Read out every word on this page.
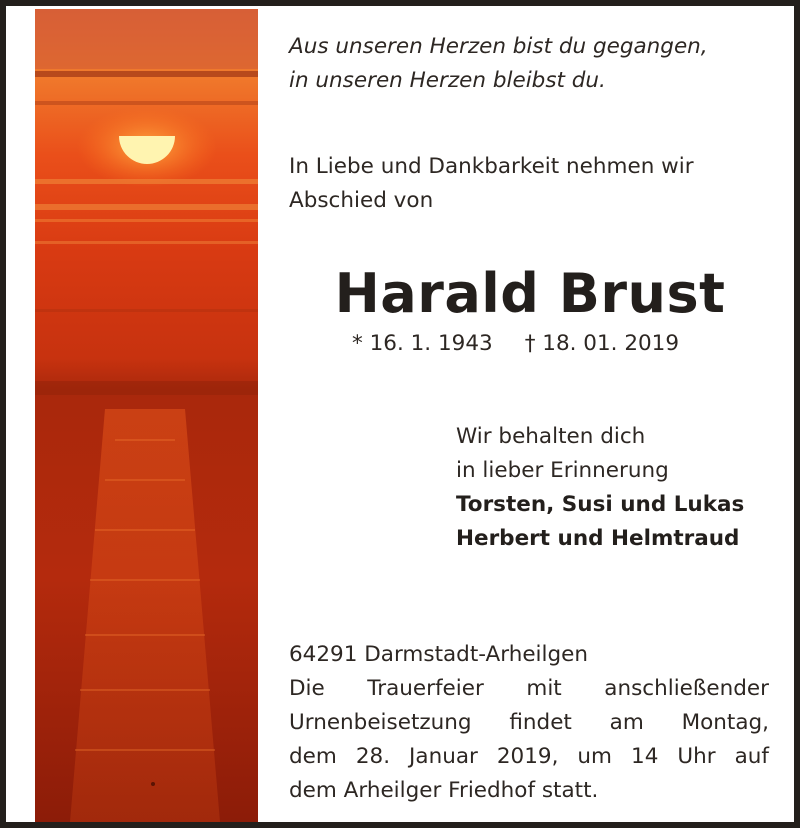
Aus unseren Herzen bist du gegangen,
in unseren Herzen bleibst du.
In Liebe und Dankbarkeit nehmen wir
Abschied von
Harald Brust
* 16. 1. 1943 † 18. 01. 2019
Wir behalten dich
in lieber Erinnerung
Torsten, Susi und Lukas
Herbert und Helmtraud
64291 Darmstadt-Arheilgen
Die Trauerfeier mit anschließender
Urnenbeisetzung findet am Montag,
dem 28. Januar 2019, um 14 Uhr auf
dem Arheilger Friedhof statt.
